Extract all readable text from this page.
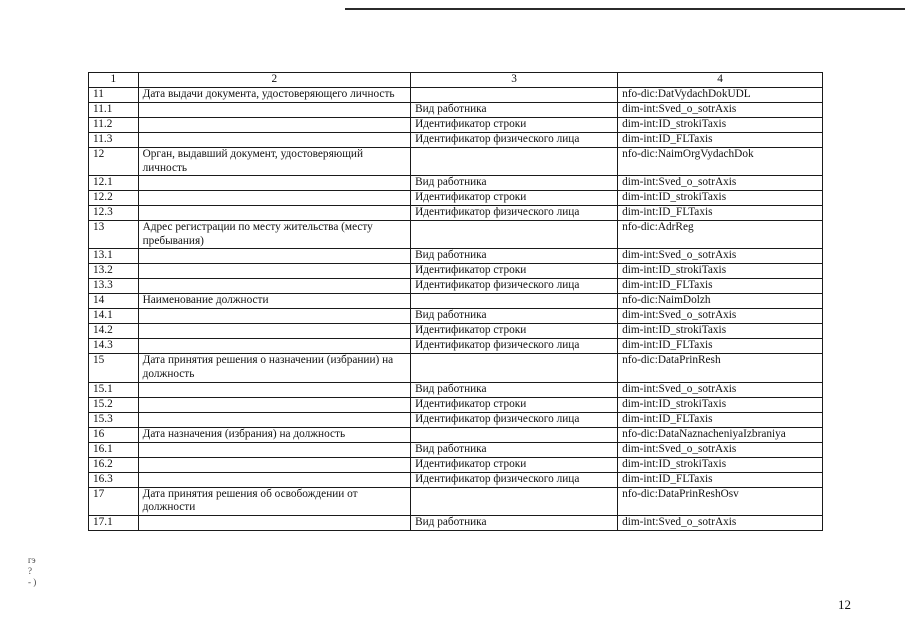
гэ
?
- )
1	2	3	4
11	Дата выдачи документа, удостоверяющего личность		nfo-dic:DatVydachDokUDL
11.1		Вид работника	dim-int:Sved_o_sotrAxis
11.2		Идентификатор строки	dim-int:ID_strokiTaxis
11.3		Идентификатор физического лица	dim-int:ID_FLTaxis
12	Орган, выдавший документ, удостоверяющий личность		nfo-dic:NaimOrgVydachDok
12.1		Вид работника	dim-int:Sved_o_sotrAxis
12.2		Идентификатор строки	dim-int:ID_strokiTaxis
12.3		Идентификатор физического лица	dim-int:ID_FLTaxis
13	Адрес регистрации по месту жительства (месту пребывания)		nfo-dic:AdrReg
13.1		Вид работника	dim-int:Sved_o_sotrAxis
13.2		Идентификатор строки	dim-int:ID_strokiTaxis
13.3		Идентификатор физического лица	dim-int:ID_FLTaxis
14	Наименование должности		nfo-dic:NaimDolzh
14.1		Вид работника	dim-int:Sved_o_sotrAxis
14.2		Идентификатор строки	dim-int:ID_strokiTaxis
14.3		Идентификатор физического лица	dim-int:ID_FLTaxis
15	Дата принятия решения о назначении (избрании) на должность		nfo-dic:DataPrinResh
15.1		Вид работника	dim-int:Sved_o_sotrAxis
15.2		Идентификатор строки	dim-int:ID_strokiTaxis
15.3		Идентификатор физического лица	dim-int:ID_FLTaxis
16	Дата назначения (избрания) на должность		nfo-dic:DataNaznacheniyaIzbraniya
16.1		Вид работника	dim-int:Sved_o_sotrAxis
16.2		Идентификатор строки	dim-int:ID_strokiTaxis
16.3		Идентификатор физического лица	dim-int:ID_FLTaxis
17	Дата принятия решения об освобождении от должности		nfo-dic:DataPrinReshOsv
17.1		Вид работника	dim-int:Sved_o_sotrAxis
12
